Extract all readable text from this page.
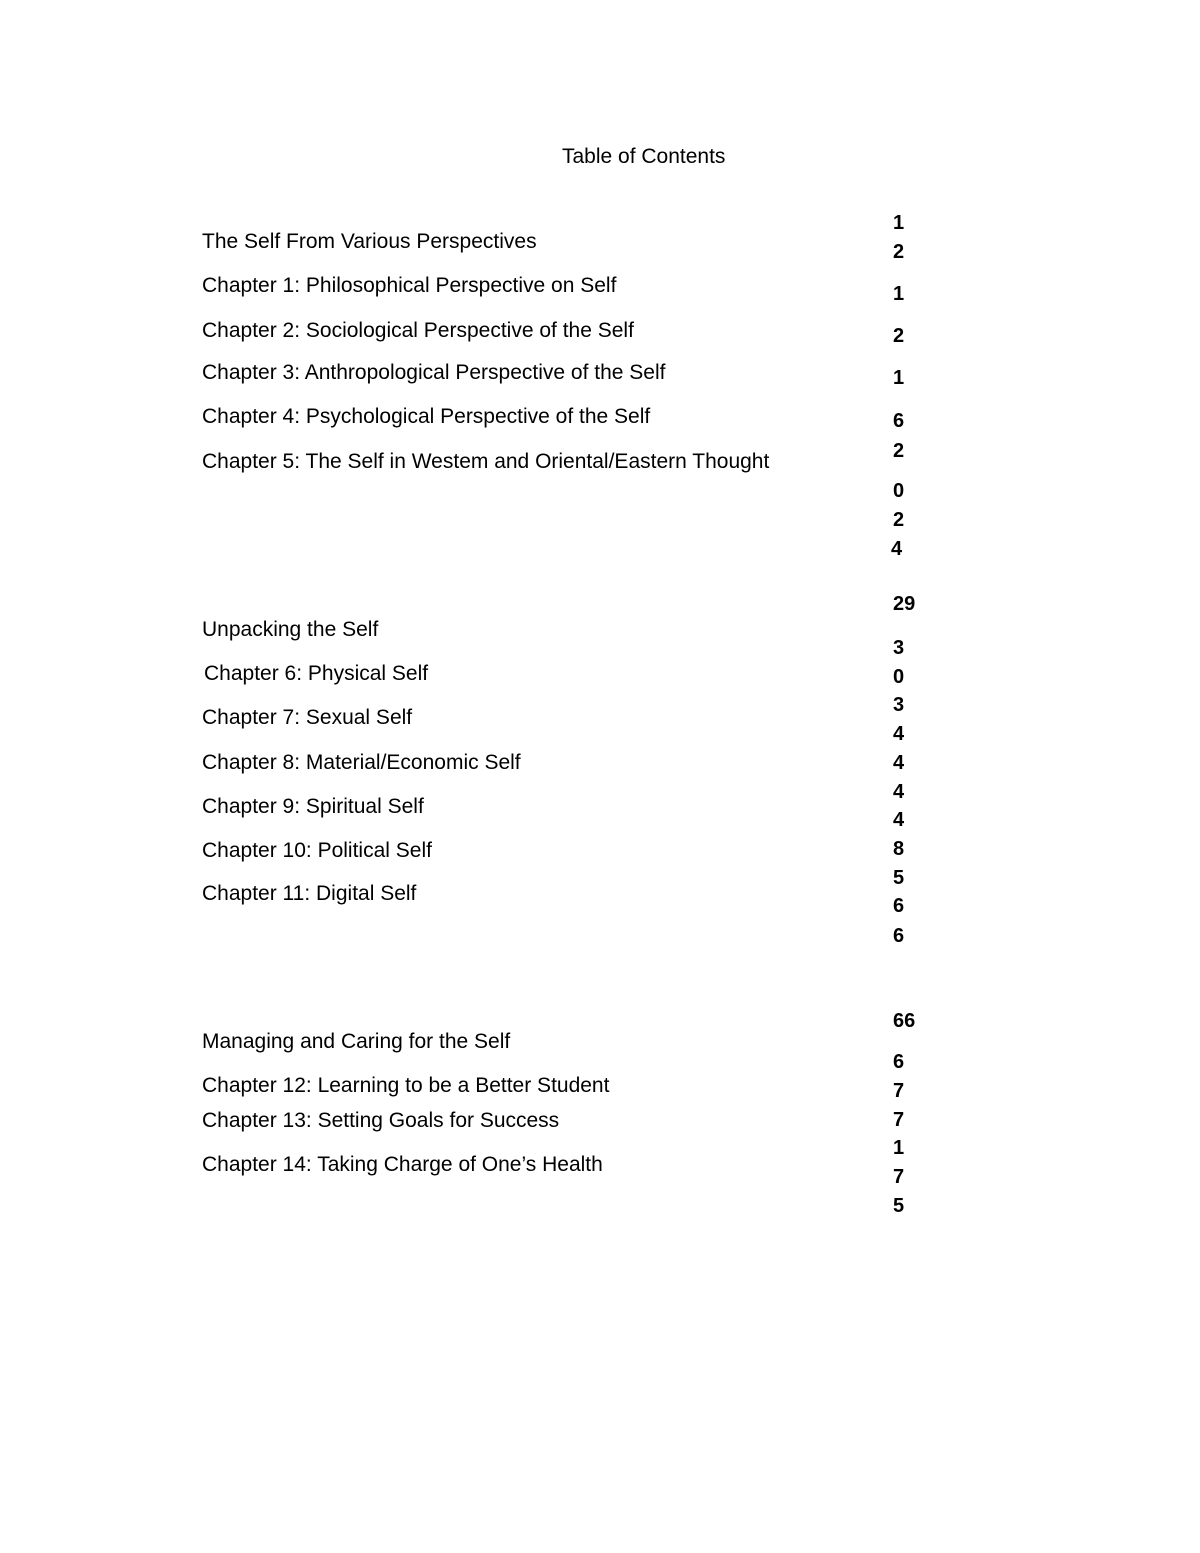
Table of Contents
The Self From Various Perspectives
Chapter 1: Philosophical Perspective on Self
Chapter 2: Sociological Perspective of the Self
Chapter 3: Anthropological Perspective of the Self
Chapter 4: Psychological Perspective of the Self
Chapter 5: The Self in Westem and Oriental/Eastern Thought
1
2
1
2
1
6
2
0
2
4
Unpacking the Self
Chapter 6: Physical Self
Chapter 7: Sexual Self
Chapter 8: Material/Economic Self
Chapter 9: Spiritual Self
Chapter 10: Political Self
Chapter 11: Digital Self
29
3
0
3
4
4
4
4
8
5
6
6
Managing and Caring for the Self
Chapter 12: Learning to be a Better Student
Chapter 13: Setting Goals for Success
Chapter 14: Taking Charge of One’s Health
66
6
7
7
1
7
5
